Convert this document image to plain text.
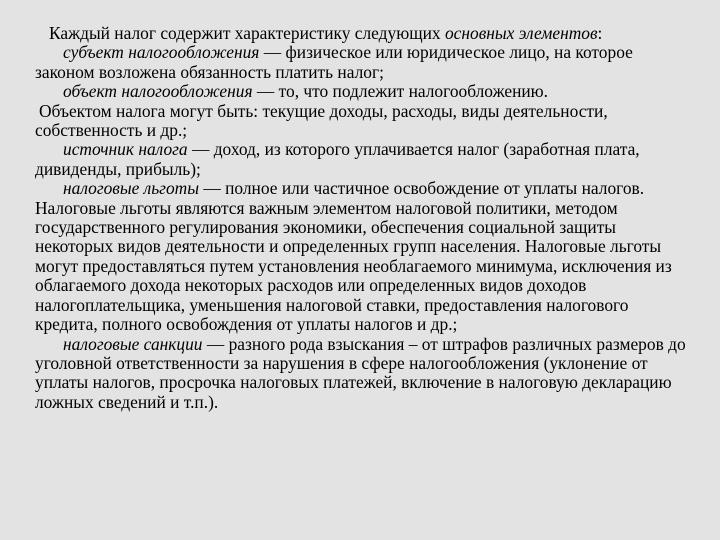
Каждый налог содержит характеристику следующих основных элементов:

субъект налогообложения — физическое или юридическое лицо, на которое законом возложена обязанность платить налог;

объект налогообложения — то, что подлежит налогообложению.

Объектом налога могут быть: текущие доходы, расходы, виды деятельности, собственность и др.;

источник налога — доход, из которого уплачивается налог (заработная плата, дивиденды, прибыль);

налоговые льготы — полное или частичное освобождение от уплаты налогов. Налоговые льготы являются важным элементом налоговой политики, методом государственного регулирования экономики, обеспечения социальной защиты некоторых видов деятельности и определенных групп населения. Налоговые льготы могут предоставляться путем установления необлагаемого минимума, исключения из облагаемого дохода некоторых расходов или определенных видов доходов налогоплательщика, уменьшения налоговой ставки, предоставления налогового кредита, полного освобождения от уплаты налогов и др.;

налоговые санкции — разного рода взыскания – от штрафов различных размеров до уголовной ответственности за нарушения в сфере налогообложения (уклонение от уплаты налогов, просрочка налоговых платежей, включение в налоговую декларацию ложных сведений и т.п.).
